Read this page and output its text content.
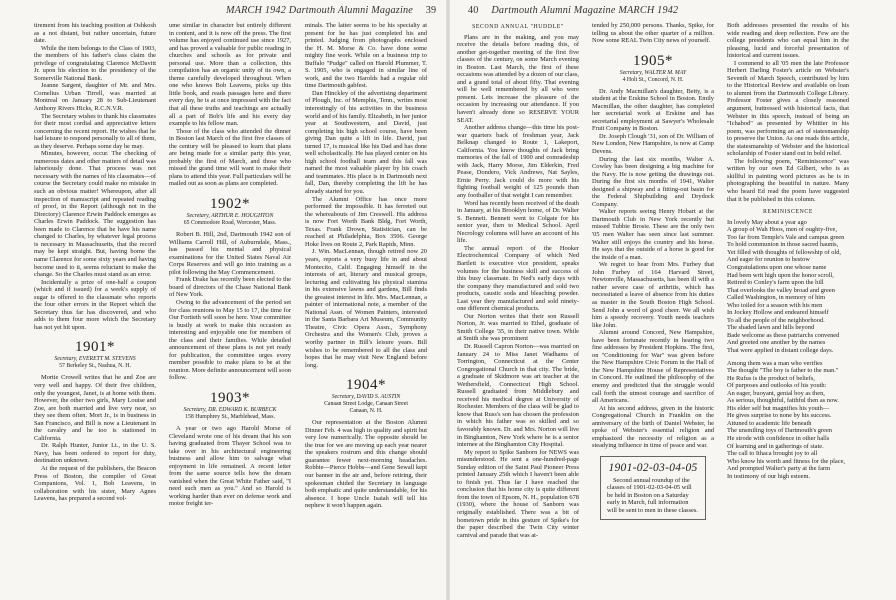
MARCH 1942 Dartmouth Alumni Magazine 39

tirement from his teaching position at Oshkosh as a not distant, but rather uncertain, future date.

While the item belongs to the Class of 1903, the members of his father's class claim the privilege of congratulating Clarence McDavitt Jr. upon his election to the presidency of the Somerville National Bank.

Jeanne Sargent, daughter of Mr. and Mrs. Cornelius Urban Tirrell, was married at Montreal on January 28 to Sub-Lieutenant Anthony Rivers Hicks, R.C.N.V.R.

The Secretary wishes to thank his classmates for their most cordial and appreciative letters concerning the recent report. He wishes that he had leisure to respond personally to all of them, as they deserve. Perhaps some day he may.

Minutes, however, occur. The checking of numerous dates and other matters of detail was laboriously done. That process was not necessary with the names of his classmates—of course the Secretary could make no mistake in such an obvious matter! Whereupon, after all inspection of manuscript and repeated reading of proof, in the Report (although not in the Directory) Clarence Erwin Paddock emerges as Charles Erwin Paddock. The suggestion has been made to Clarence that he have his name changed to Charles, by whatever legal process is necessary in Massachusetts, that the record may be kept straight. But, having borne the name Clarence for some sixty years and having become used to it, seems reluctant to make the change. So the Charles must stand as an error.

Incidentally a prize of one-half a coupon (which and if issued) for a week's supply of sugar is offered to the classmate who reports the four other errors in the Report which the Secretary thus far has discovered, and who adds to them four more which the Secretary has not yet hit upon.

1901*
Secretary, EVERETT M. STEVENS
57 Berkeley St., Nashua, N. H.

Mortie Crowell writes that he and Zoe are very well and happy. Of their five children, only the youngest, Janet, is at home with them. However, the other two girls, Mary Louise and Zoe, are both married and live very near, so they see them often. Mort Jr., is in business in San Francisco, and Bill is now a Lieutenant in the cavalry and he too is stationed in California.

Dr. Ralph Hunter, Junior Lt., in the U. S. Navy, has been ordered to report for duty, destination unknown.

At the request of the publishers, the Beacon Press of Boston, the compiler of Great Companions, Vol. 1, Bob Leavens, in collaboration with his sister, Mary Agnes Leavens, has prepared a second vol-

ume similar in character but entirely different in content, and it is now off the press. The first volume has enjoyed continued use since 1927, and has proved a valuable for public reading in churches and schools as for private and personal use. More than a collection, this compilation has an organic unity of its own, a theme carefully developed throughout. When one who knows Bob Leavens, picks up this little book, and reads passages here and there every day, he is at once impressed with the fact that all these truths and teachings are actually all a part of Bob's life and his every day example to his fellow man.

Those of the class who attended the dinner in Boston last March of the first five classes of the century will be pleased to learn that plans are being made for a similar party this year, probably the first of March, and those who missed the grand time will want to make their plans to attend this year. Full particulars will be mailed out as soon as plans are completed.

1902*
Secretary, ARTHUR E. HOUGHTON
65 Commodore Road, Worcester, Mass.

Robert B. Hill, 2nd, Dartmouth 1942 son of Williams Carroll Hill, of Auburndale, Mass., has passed his mental and physical examinations for the United States Naval Air Corps Reserves and will go into training as a pilot following the May Commencement.

Frank Drake has recently been elected to the board of directors of the Chase National Bank of New York.

Owing to the advancement of the period set for class reunions to May 15 to 17, the time for Our Fortieth will soon be here. Your committee is busily at work to make this occasion as interesting and enjoyable one for members of the class and their families. While detailed announcement of these plans is not yet ready for publication, the committee urges every member possible to make plans to be at the reunion. More definite announcement will soon follow.

1903*
Secretary, DR. EDWARD K. BURBECK
158 Humphrey St., Marblehead, Mass.

A year or two ago Harold Morse of Cleveland wrote one of his dream that his son having graduated from Thayer School was to take over in his architectural engineering business and allow him to salvage what enjoyment in life remained. A recent letter from the same source tells how the dream vanished when the Great White Father said, "I need such men as you." And so Harold is working harder than ever on defense work and motor freight ter-

minals. The latter seems to be his specialty at present for he has just completed his and printed. Judging from photographs enclosed the H. M. Morse & Co. have done some mighty fine work. While on a business trip to Buffalo "Pudge" called on Harold Plummer, T. S. 1905, who is engaged in similar line of work, and the two Harolds had a regular old time Dartmouth gabfest.

Dan Hinckley of the advertising department of Plough, Inc. of Memphis, Tenn., writes most interestingly of his activities in the business world and of his family. Elizabeth, in her junior year at Southwestern, and David, just completing his high school course, have been giving Dan quite a lift in life. David, just turned 17, is musical like his Dad and has done well scholastically. He has played center on his high school football team and this fall was named the most valuable player by his coach and teammates. His place is in Dartmouth next fall, Dan, thereby completing the lift he has already started for you.

The Alumni Office has once more performed the impossible. It has ferreted out the whereabouts of Jim Creswell. His address is now Fort Worth Bank Bldg, Fort Worth, Texas. Frank Drown, Statistician, can be reached at Philadelphia, Box 3506. George Hoke lives on Route 2, Park Rapids, Minn.

J. Win. MacLennan, though retired now 20 years, reports a very busy life in and about Montecito, Calif. Engaging himself in the interests of art, literary and musical groups, lecturing and cultivating his physical stamina in his extensive lawns and gardens, Bill finds the greatest interest in life. Mrs. MacLennan, a painter of international note, a member of the National Assn. of Women Painters, interested in the Santa Barbara Art Museum, Community Theatre, Civic Opera Assn., Symphony Orchestra and the Women's Club, proves a worthy partner in Bill's leisure years. Bill wishes to be remembered to all the class and hopes that he may visit New England before long.

1904*
Secretary, DAVID S. AUSTIN
Canaan Street Lodge, Canaan Street
Canaan, N. H.

Our representation at the Boston Alumni Dinner Feb. 4 was high in quality and spirit but very low numerically. The opposite should be the true for we are moving up each year nearer the speakers rostrum and this change should guarantee fewer next-morning headaches. Robbie—Pierce Hobbs—and Gene Sewall kept our banner in the air and, before retiring, their spokesman chided the Secretary in language both emphatic and quite understandable, for his absence. I hope Uncle Isaiah will tell his nephew it won't happen again.

40 Dartmouth Alumni Magazine MARCH 1942
SECOND ANNUAL "HUDDLE"

Plans are in the making, and you may receive the details before reading this, of another get-together meeting of the first five classes of the century, on some March evening in Boston. Last March, the first of these occasions was attended by a dozen of our class, and a grand total of about fifty. That evening will be well remembered by all who were present. Lets increase the pleasure of the occasion by increasing our attendance. If you haven't already done so RESERVE YOUR SEAT.

Another address change—this time his post-war quarters back of freshman year, Jack Belknap changed to Route 1, Lakeport, California. You know thoughts of Jack bring memories of the fall of 1900 and comradeship with Jack, Harry Morse, Jim Elderkin, Fred Pease, Dondero, Vick Andrews, Nat Sayles, Ernie Perry. Jack could do more with his fighting football weight of 125 pounds than any footballer of that weight I can remember.

Word has recently been received of the death in January, at his Brooklyn home, of Dr. Walter S. Bennett. Bennett went to Colgate for his senior year, then to Medical School. April Necrology columns will have an account of his life.

The annual report of the Hooker Electrochemical Company of which Ned Bartlett is executive vice president, speaks volumes for the business skill and success of this busy classmate. In Ned's early days with the company they manufactured and sold two products, caustic soda and bleaching powder. Last year they manufactured and sold ninety-one different chemical products.

Our Norton writes that their son Russell Norton, Jr. was married to Ethel, graduate of Smith College '35, in their native town. While at Smith she was prominent

Dr. Russell Capron Norton—was married on January 24 to Miss Janet Wadhams of Torrington, Connecticut at the Center Congregational Church in that city. The bride, a graduate of Skidmore was art teacher at the Wethersfield, Connecticut High School. Russell graduated from Middlebury and received his medical degree at University of Rochester. Members of the class will be glad to know that Russ's son has chosen the profession in which his father was so skilled and so favorably known. Dr. and Mrs. Norton will live in Binghamton, New York where he is a senior internee at the Binghamton City Hospital.

My report to Spike Sanborn for NEWS was misunderstood. He sent a one-hundred-page Sunday edition of the Saint Paul Pioneer Press printed January 25th which I haven't been able to finish yet. Thus far I have reached the conclusion that his home city is quite different from the town of Epsom, N. H., population 678 (1930), where the house of Sanborn was originally established. There was a bit of hometown pride in this gesture of Spike's for the paper described the Twin City winter carnival and parade that was at-

tended by 250,000 persons. Thanks, Spike, for telling us about the other quarter of a million. Now some REAL Twin City news of yourself.

1905*
Secretary, WALTER M. MAY
4 Holt St., Concord, N. H.

Dr. Andy Macmillan's daughter, Betty, is a student at the Erskine School in Boston. Emily Macmillan, the other daughter, has completed her secretarial work at Erskine and has secretarial employment at Sawyer's Wholesale Fruit Company in Boston.

Dr. Joseph Clough '31, son of Dr. William of New London, New Hampshire, is now at Camp Devens.

During the last six months, Walter A. Cowley has been designing a big machine for the Navy. He is now getting the drawings out. During the first six months of 1941, Walter designed a shipway and a fitting-out basin for the Federal Shipbuilding and Drydock Company.

Walter reports seeing Henry Hobart at the Dartmouth Club in New York recently but missed Tubbie Brosie. These are the only two '05 men Walter has seen since last summer. Walter still enjoys the country and his horse. He says that the outside of a horse is good for the inside of a man.

We regret to hear from Mrs. Furbey that John Furbey of 164 Harvard Street, Newtonville, Massachusetts, has been ill with a rather severe case of arthritis, which has necessitated a leave of absence from his duties as master in the South Boston High School. Send John a word of good cheer. We all wish him a speedy recovery. Youth needs teachers like John.

Alumni around Concord, New Hampshire, have been fortunate recently in hearing two fine addresses by President Hopkins. The first, on "Conditioning for War" was given before the New Hampshire Civic Forum in the Hall of the New Hampshire House of Representatives in Concord. He outlined the philosophy of the enemy and predicted that the struggle would call forth the utmost courage and sacrifice of all Americans.

At his second address, given in the historic Congregational Church in Franklin on the anniversary of the birth of Daniel Webster, he spoke of Webster's essential religion and emphasized the necessity of religion as a steadying influence in time of peace and war.

1901-02-03-04-05
Second annual roundup of the classes of 1901-02-03-04-05 will be held in Boston on a Saturday early in March, full information will be sent to men in these classes.

Both addresses presented the results of his wide reading and deep reflection. Few are the college presidents who can equal him in the pleasing, lucid and forceful presentation of historical and current issues.

I commend to all '05 men the late Professor Herbert Darling Foster's article on Webster's Seventh of March Speech, contributed by him to the Historical Review and available on loan to alumni from the Dartmouth College Library. Professor Foster gives a closely reasoned argument, buttressed with historical facts, that Webster in this speech, instead of being an "Ichabod" as presented by Whittier in his poem, was performing an act of statesmanship to preserve the Union. As one reads this article, the statesmanship of Webster and the historical scholarship of Foster stand out in bold relief.

The following poem, "Reminiscence" was written by our own Ed Gilbert, who is as skillful in painting word pictures as he is in photographing the beautiful in nature. Many who heard Ed read the poem have suggested that it be published in this column.

REMINISCENCE
In lovely May about a year ago
A group of Wah Hoos, men of oughty-five,
Too far from Temple's Vale and campus green
To hold communion in those sacred haunts,
Yet filled with thoughts of fellowship of old,
And eager for reunion to bestow
Congratulations upon one whose name
Had been writ high upon the honor scroll,
Retired to Conley's farm upon the hill
That overlooks the valley broad and green
Called Washington, in memory of him
Who toiled for a season with his men
In Jockey Hollow and endeared himself
To all the people of the neighborhood.
The shaded lawn and hills beyond
Bade welcome as these patriarchs convened
And greeted one another by the names
That were applied in distant college days.
Among them was a man who verifies
The thought "The boy is father to the man."
He Rufus is the product of beliefs,
Of purposes and outlooks of his youth:
An eager, buoyant, genial boy as then,
As serious, thoughtful, faithful then as now.
His elder self but magnifies his youth—
He gives surprise to none by his success.
Attuned to academic life beneath
The unsmiling toys of Dartmouth's green
He strode with confidence in other halls
Of learning and in gatherings of state.
The call to Ithaca brought joy to all
Who know his worth and fitness for the place,
And prompted Walter's party at the farm
In testimony of our high esteem.
